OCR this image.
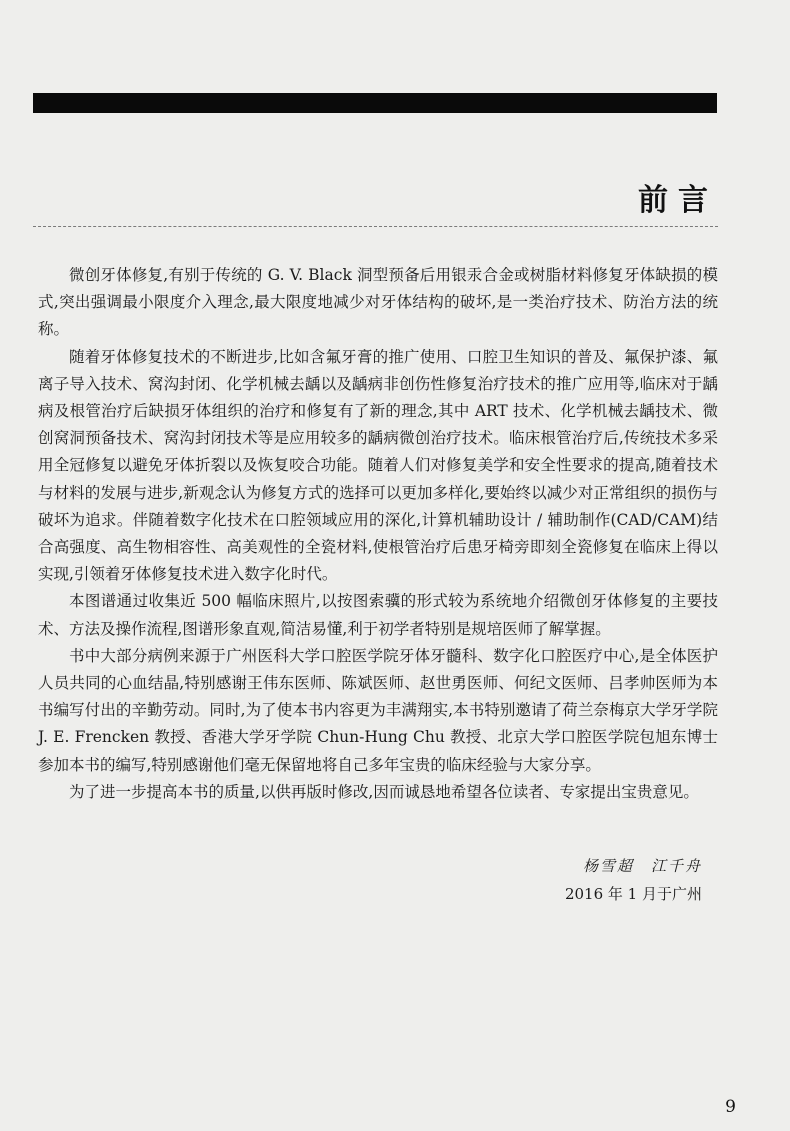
前言

微创牙体修复,有别于传统的 G. V. Black 洞型预备后用银汞合金或树脂材料修复牙体缺损的模式,突出强调最小限度介入理念,最大限度地减少对牙体结构的破坏,是一类治疗技术、防治方法的统称。

随着牙体修复技术的不断进步,比如含氟牙膏的推广使用、口腔卫生知识的普及、氟保护漆、氟离子导入技术、窝沟封闭、化学机械去龋以及龋病非创伤性修复治疗技术的推广应用等,临床对于龋病及根管治疗后缺损牙体组织的治疗和修复有了新的理念,其中 ART 技术、化学机械去龋技术、微创窝洞预备技术、窝沟封闭技术等是应用较多的龋病微创治疗技术。临床根管治疗后,传统技术多采用全冠修复以避免牙体折裂以及恢复咬合功能。随着人们对修复美学和安全性要求的提高,随着技术与材料的发展与进步,新观念认为修复方式的选择可以更加多样化,要始终以减少对正常组织的损伤与破坏为追求。伴随着数字化技术在口腔领域应用的深化,计算机辅助设计 / 辅助制作(CAD/CAM)结合高强度、高生物相容性、高美观性的全瓷材料,使根管治疗后患牙椅旁即刻全瓷修复在临床上得以实现,引领着牙体修复技术进入数字化时代。

本图谱通过收集近 500 幅临床照片,以按图索骥的形式较为系统地介绍微创牙体修复的主要技术、方法及操作流程,图谱形象直观,简洁易懂,利于初学者特别是规培医师了解掌握。

书中大部分病例来源于广州医科大学口腔医学院牙体牙髓科、数字化口腔医疗中心,是全体医护人员共同的心血结晶,特别感谢王伟东医师、陈斌医师、赵世勇医师、何纪文医师、吕孝帅医师为本书编写付出的辛勤劳动。同时,为了使本书内容更为丰满翔实,本书特别邀请了荷兰奈梅京大学牙学院 J. E. Frencken 教授、香港大学牙学院 Chun-Hung Chu 教授、北京大学口腔医学院包旭东博士参加本书的编写,特别感谢他们毫无保留地将自己多年宝贵的临床经验与大家分享。

为了进一步提高本书的质量,以供再版时修改,因而诚恳地希望各位读者、专家提出宝贵意见。

杨雪超　江千舟
2016 年 1 月于广州
9
